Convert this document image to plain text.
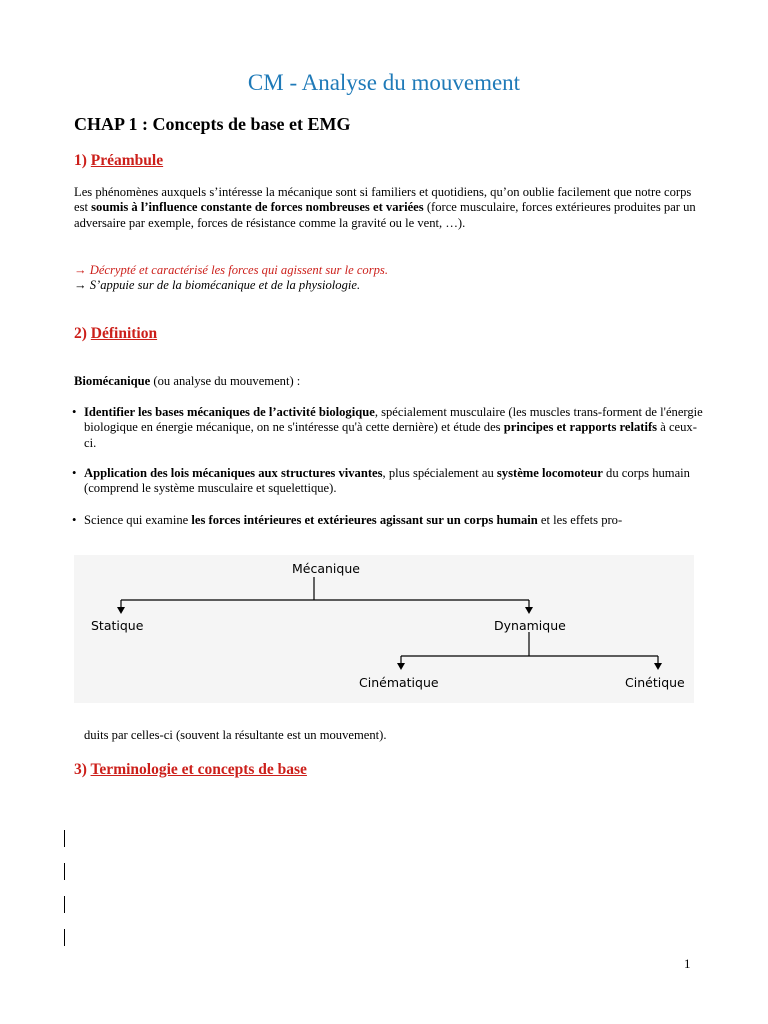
CM - Analyse du mouvement
CHAP 1 : Concepts de base et EMG
1) Préambule
Les phénomènes auxquels s’intéresse la mécanique sont si familiers et quotidiens, qu’on oublie facilement que notre corps est soumis à l’influence constante de forces nombreuses et variées (force musculaire, forces extérieures produites par un adversaire par exemple, forces de résistance comme la gravité ou le vent, …).
→ Décrypté et caractérisé les forces qui agissent sur le corps.
→ S’appuie sur de la biomécanique et de la physiologie.
2) Définition
Biomécanique (ou analyse du mouvement) :
• Identifier les bases mécaniques de l’activité biologique, spécialement musculaire (les muscles trans-forment de l'énergie biologique en énergie mécanique, on ne s'intéresse qu'à cette dernière) et étude des principes et rapports relatifs à ceux-ci.
• Application des lois mécaniques aux structures vivantes, plus spécialement au système locomoteur du corps humain (comprend le système musculaire et squelettique).
• Science qui examine les forces intérieures et extérieures agissant sur un corps humain et les effets pro-
Mécanique
Statique	Dynamique
Cinématique	Cinétique
duits par celles-ci (souvent la résultante est un mouvement).
3) Terminologie et concepts de base
1
